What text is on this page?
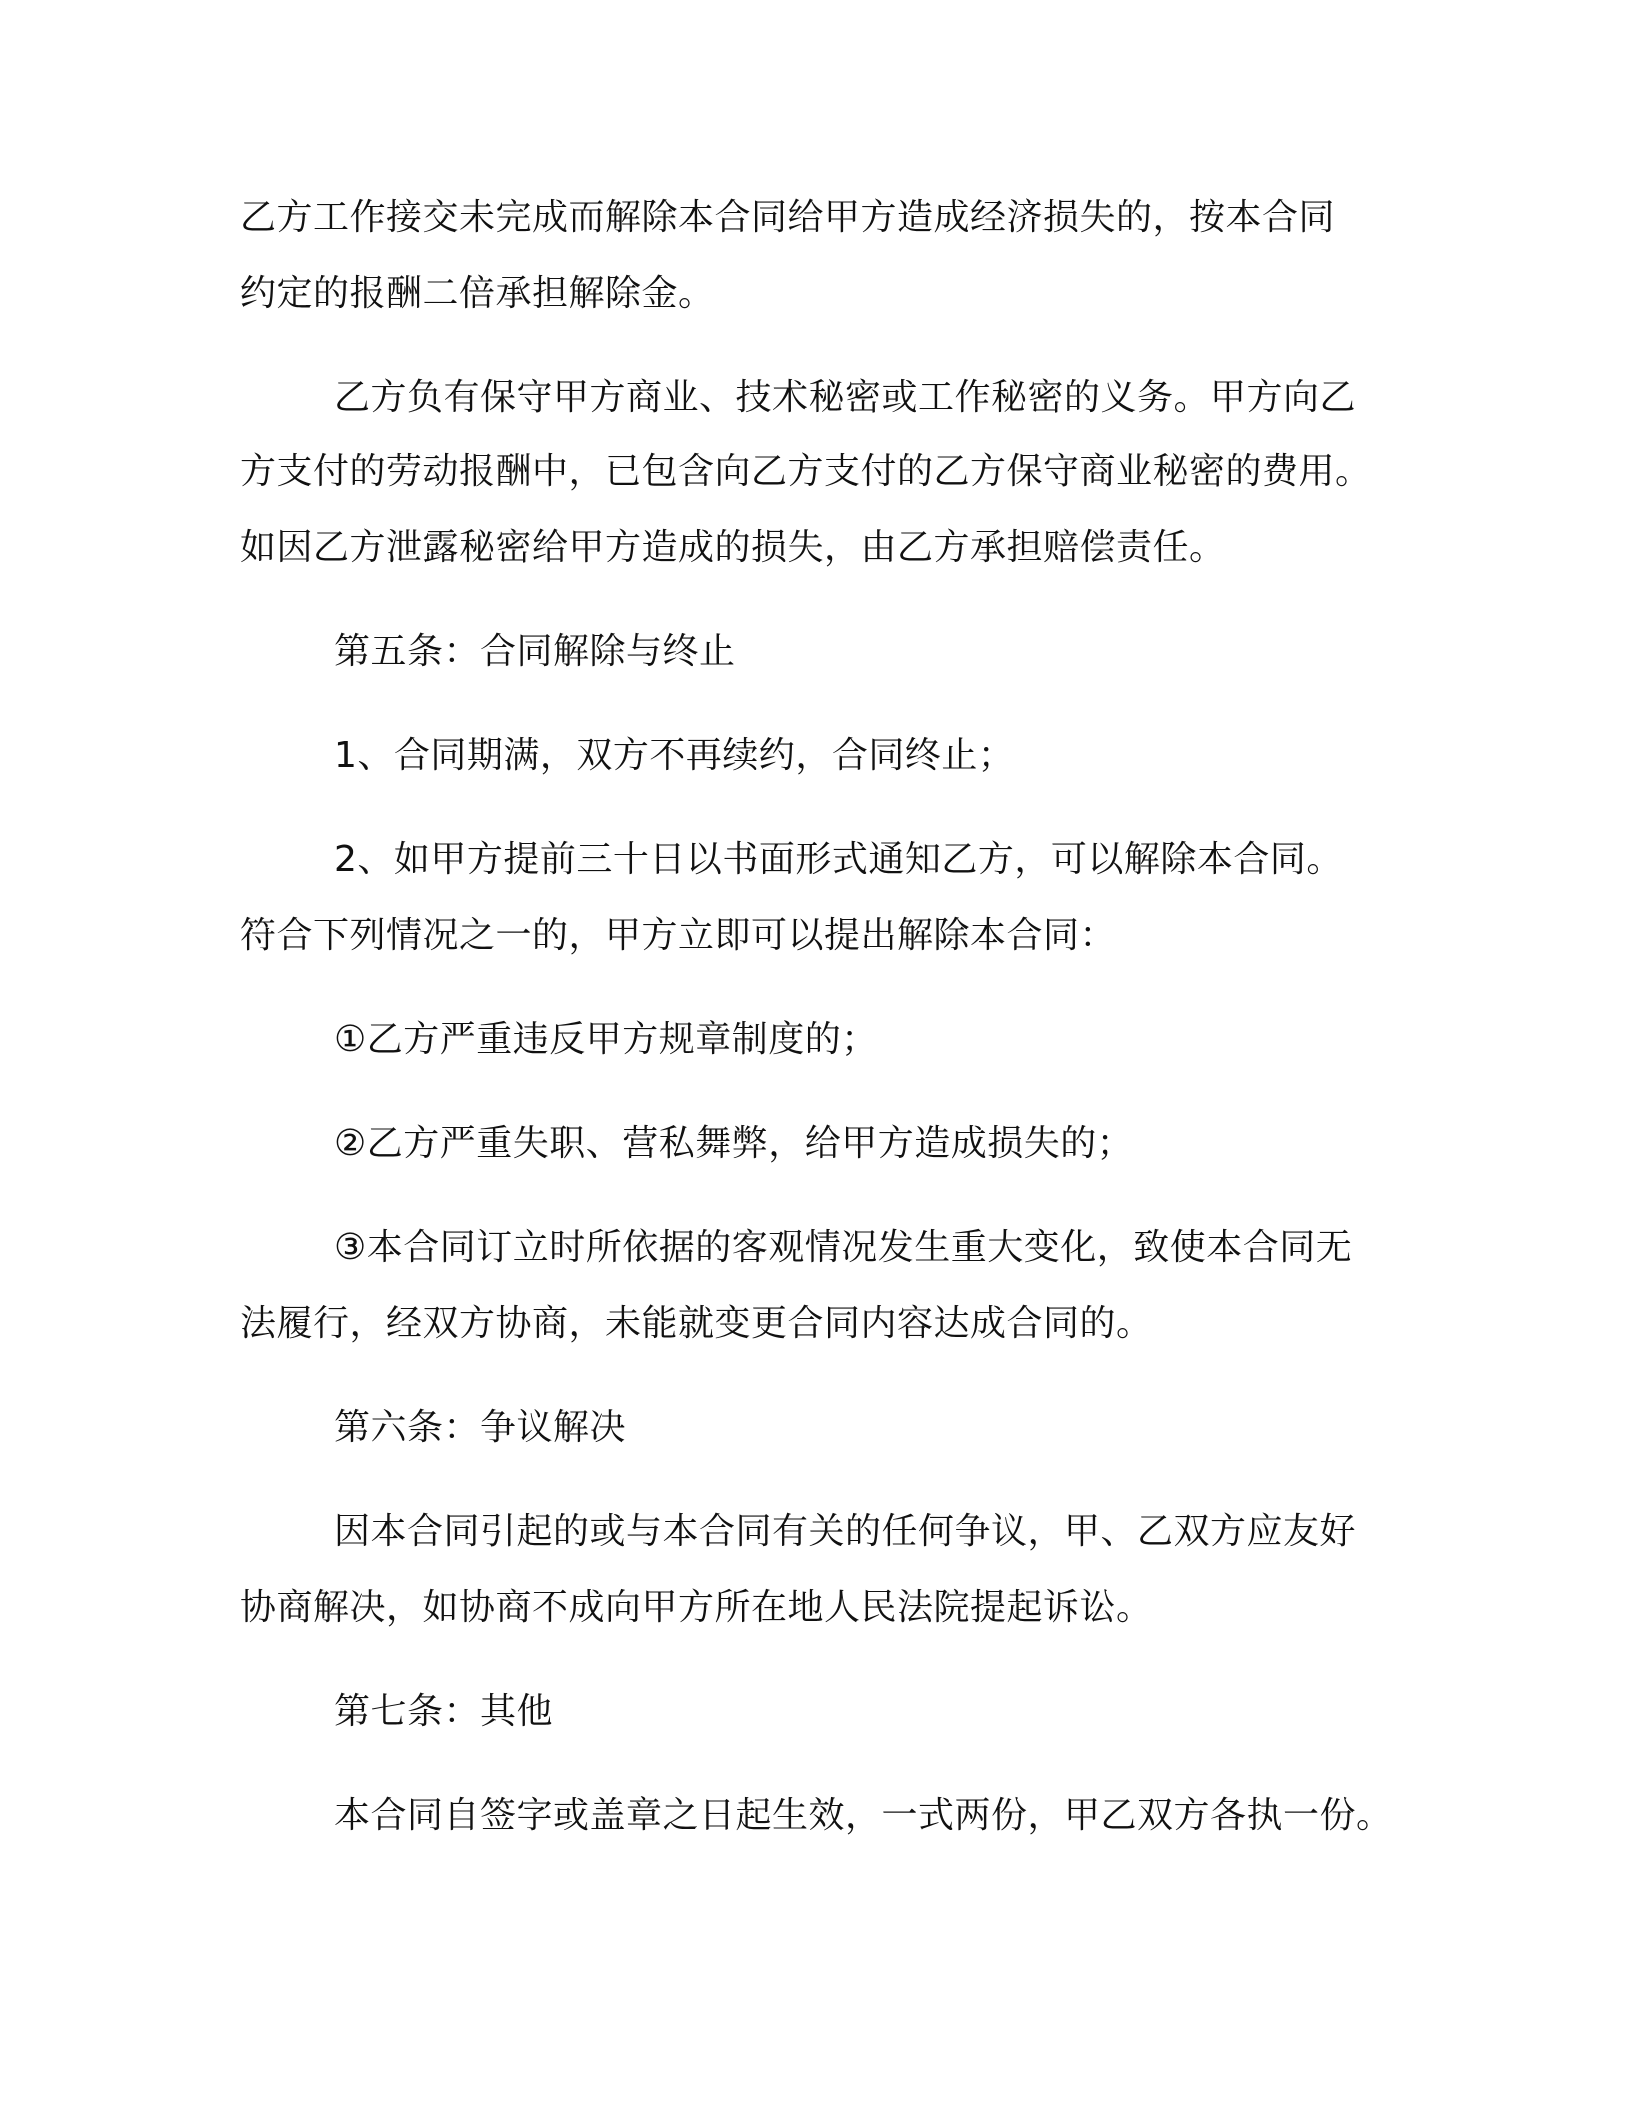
乙方工作接交未完成而解除本合同给甲方造成经济损失的，按本合同
约定的报酬二倍承担解除金。
乙方负有保守甲方商业、技术秘密或工作秘密的义务。甲方向乙
方支付的劳动报酬中，已包含向乙方支付的乙方保守商业秘密的费用。
如因乙方泄露秘密给甲方造成的损失，由乙方承担赔偿责任。
第五条：合同解除与终止
1、合同期满，双方不再续约，合同终止；
2、如甲方提前三十日以书面形式通知乙方，可以解除本合同。
符合下列情况之一的，甲方立即可以提出解除本合同：
①乙方严重违反甲方规章制度的；
②乙方严重失职、营私舞弊，给甲方造成损失的；
③本合同订立时所依据的客观情况发生重大变化，致使本合同无
法履行，经双方协商，未能就变更合同内容达成合同的。
第六条：争议解决
因本合同引起的或与本合同有关的任何争议，甲、乙双方应友好
协商解决，如协商不成向甲方所在地人民法院提起诉讼。
第七条：其他
本合同自签字或盖章之日起生效，一式两份，甲乙双方各执一份。
